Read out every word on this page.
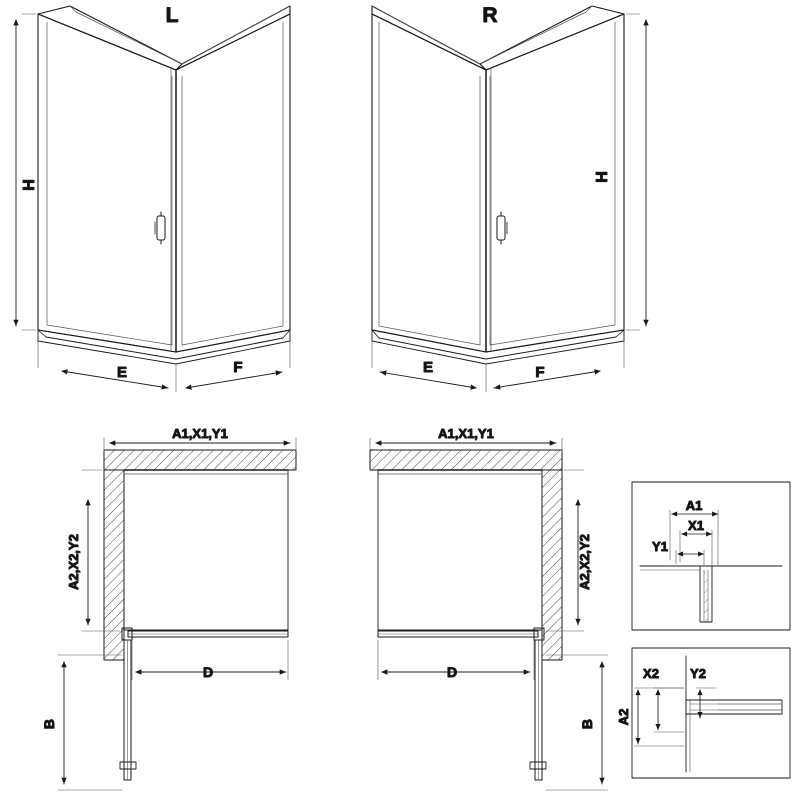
H
E	F
L
H
F
E
R
A1,X1,Y1
A2,X2,Y2
D
B
A1,X1,Y1
A2,X2,Y2
D
B
A1
X1
Y1
A2
X2 Y2
